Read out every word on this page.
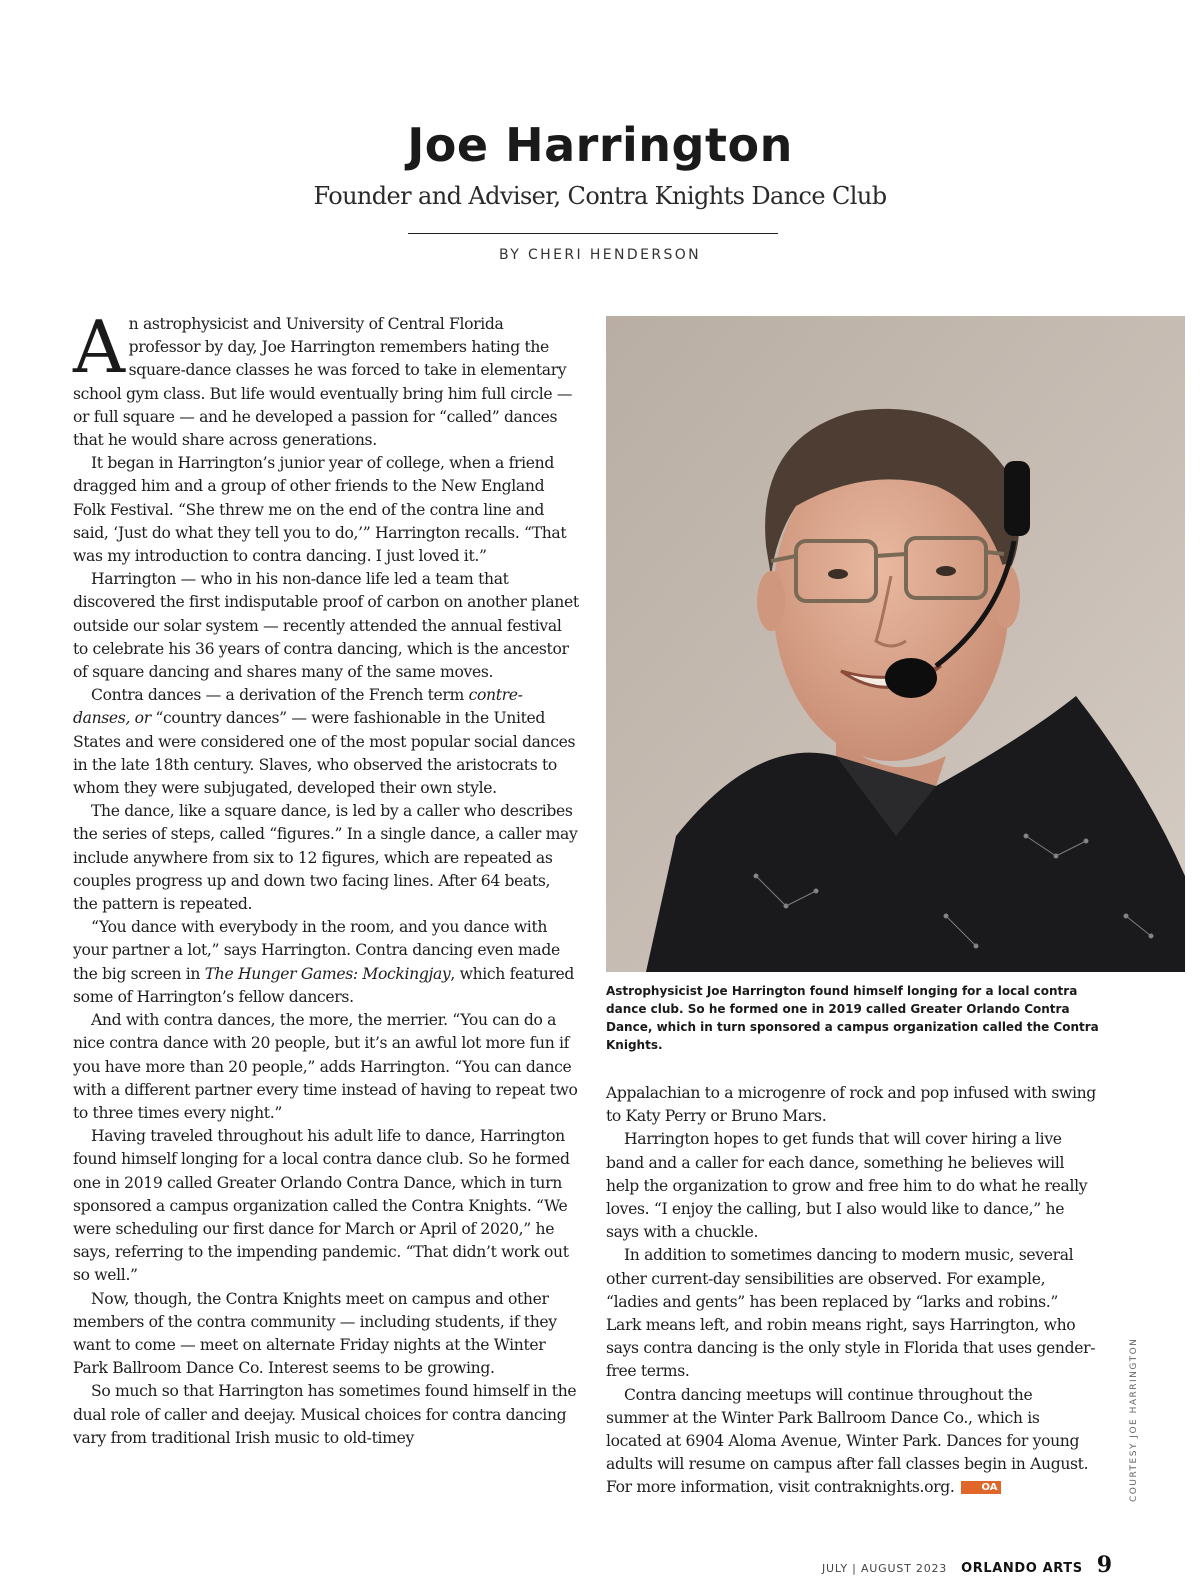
Joe Harrington
Founder and Adviser, Contra Knights Dance Club
BY CHERI HENDERSON

An astrophysicist and University of Central Florida professor by day, Joe Harrington remembers hating the square-dance classes he was forced to take in elementary school gym class. But life would eventually bring him full circle — or full square — and he developed a passion for “called” dances that he would share across generations.

It began in Harrington’s junior year of college, when a friend dragged him and a group of other friends to the New England Folk Festival. “She threw me on the end of the contra line and said, ‘Just do what they tell you to do,’” Harrington recalls. “That was my introduction to contra dancing. I just loved it.”

Harrington — who in his non-dance life led a team that discovered the first indisputable proof of carbon on another planet outside our solar system — recently attended the annual festival to celebrate his 36 years of contra dancing, which is the ancestor of square dancing and shares many of the same moves.

Contra dances — a derivation of the French term contre-danses, or “country dances” — were fashionable in the United States and were considered one of the most popular social dances in the late 18th century. Slaves, who observed the aristocrats to whom they were subjugated, developed their own style.

The dance, like a square dance, is led by a caller who describes the series of steps, called “figures.” In a single dance, a caller may include anywhere from six to 12 figures, which are repeated as couples progress up and down two facing lines. After 64 beats, the pattern is repeated.

“You dance with everybody in the room, and you dance with your partner a lot,” says Harrington. Contra dancing even made the big screen in The Hunger Games: Mockingjay, which featured some of Harrington’s fellow dancers.

And with contra dances, the more, the merrier. “You can do a nice contra dance with 20 people, but it’s an awful lot more fun if you have more than 20 people,” adds Harrington. “You can dance with a different partner every time instead of having to repeat two to three times every night.”

Having traveled throughout his adult life to dance, Harrington found himself longing for a local contra dance club. So he formed one in 2019 called Greater Orlando Contra Dance, which in turn sponsored a campus organization called the Contra Knights. “We were scheduling our first dance for March or April of 2020,” he says, referring to the impending pandemic. “That didn’t work out so well.”

Now, though, the Contra Knights meet on campus and other members of the contra community — including students, if they want to come — meet on alternate Friday nights at the Winter Park Ballroom Dance Co. Interest seems to be growing.

So much so that Harrington has sometimes found himself in the dual role of caller and deejay. Musical choices for contra dancing vary from traditional Irish music to old-timey

Astrophysicist Joe Harrington found himself longing for a local contra dance club. So he formed one in 2019 called Greater Orlando Contra Dance, which in turn sponsored a campus organization called the Contra Knights.

Appalachian to a microgenre of rock and pop infused with swing to Katy Perry or Bruno Mars.

Harrington hopes to get funds that will cover hiring a live band and a caller for each dance, something he believes will help the organization to grow and free him to do what he really loves. “I enjoy the calling, but I also would like to dance,” he says with a chuckle.

In addition to sometimes dancing to modern music, several other current-day sensibilities are observed. For example, “ladies and gents” has been replaced by “larks and robins.” Lark means left, and robin means right, says Harrington, who says contra dancing is the only style in Florida that uses gender-free terms.

Contra dancing meetups will continue throughout the summer at the Winter Park Ballroom Dance Co., which is located at 6904 Aloma Avenue, Winter Park. Dances for young adults will resume on campus after fall classes begin in August. For more information, visit contraknights.org.	OA	COURTESY JOE HARRINGTON
JULY | AUGUST 2023 ORLANDO ARTS 9
